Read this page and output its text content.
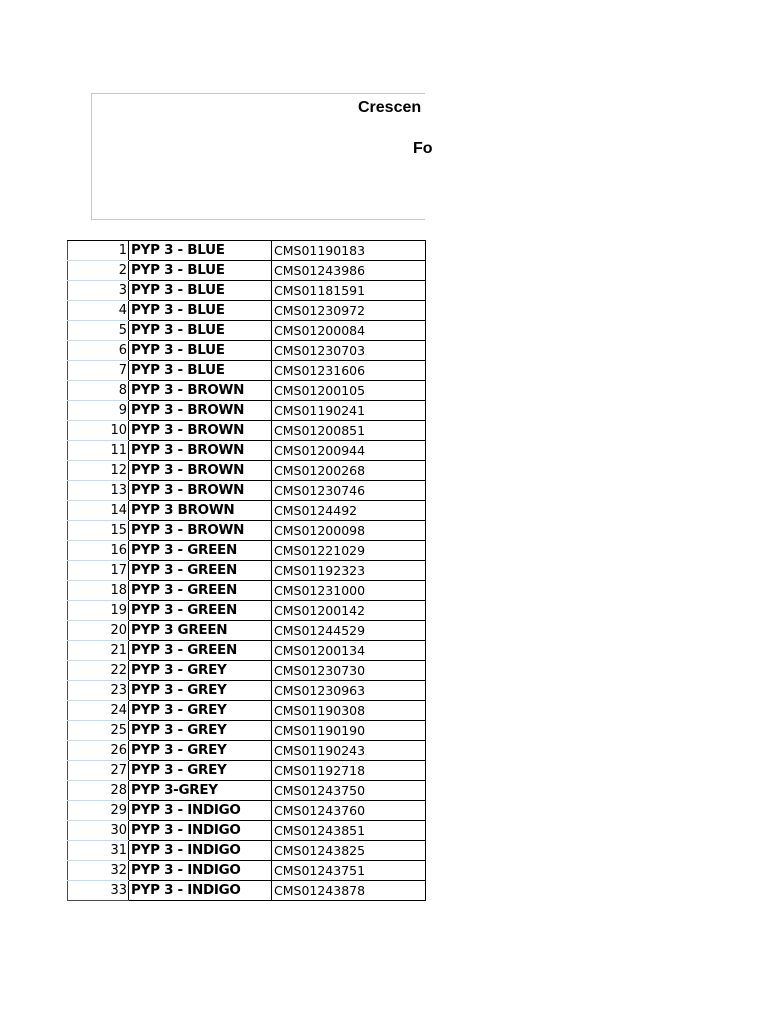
Crescen
Fo
1	PYP 3 - BLUE	CMS01190183
2	PYP 3 - BLUE	CMS01243986
3	PYP 3 - BLUE	CMS01181591
4	PYP 3 - BLUE	CMS01230972
5	PYP 3 - BLUE	CMS01200084
6	PYP 3 - BLUE	CMS01230703
7	PYP 3 - BLUE	CMS01231606
8	PYP 3 - BROWN	CMS01200105
9	PYP 3 - BROWN	CMS01190241
10	PYP 3 - BROWN	CMS01200851
11	PYP 3 - BROWN	CMS01200944
12	PYP 3 - BROWN	CMS01200268
13	PYP 3 - BROWN	CMS01230746
14	PYP 3 BROWN	CMS0124492
15	PYP 3 - BROWN	CMS01200098
16	PYP 3 - GREEN	CMS01221029
17	PYP 3 - GREEN	CMS01192323
18	PYP 3 - GREEN	CMS01231000
19	PYP 3 - GREEN	CMS01200142
20	PYP 3 GREEN	CMS01244529
21	PYP 3 - GREEN	CMS01200134
22	PYP 3 - GREY	CMS01230730
23	PYP 3 - GREY	CMS01230963
24	PYP 3 - GREY	CMS01190308
25	PYP 3 - GREY	CMS01190190
26	PYP 3 - GREY	CMS01190243
27	PYP 3 - GREY	CMS01192718
28	PYP 3-GREY	CMS01243750
29	PYP 3 - INDIGO	CMS01243760
30	PYP 3 - INDIGO	CMS01243851
31	PYP 3 - INDIGO	CMS01243825
32	PYP 3 - INDIGO	CMS01243751
33	PYP 3 - INDIGO	CMS01243878
